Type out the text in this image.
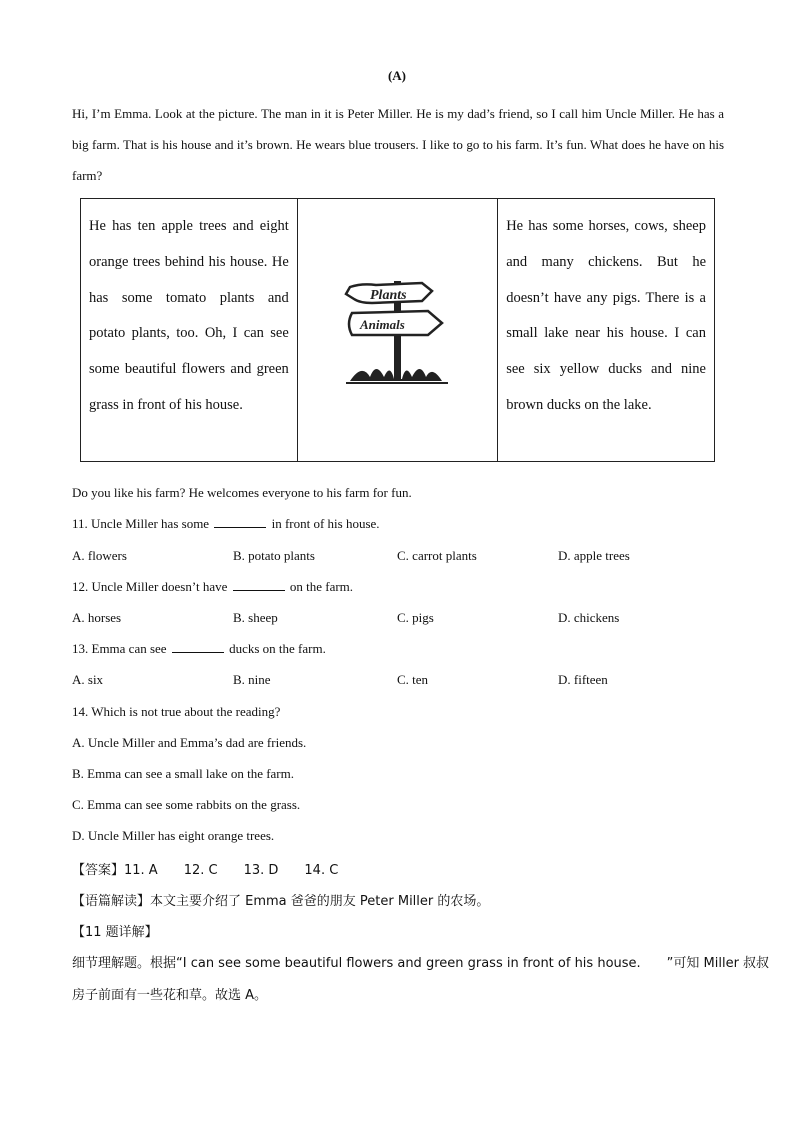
(A)
Hi, I’m Emma. Look at the picture. The man in it is Peter Miller. He is my dad’s friend, so I call him Uncle Miller. He has a big farm. That is his house and it’s brown. He wears blue trousers. I like to go to his farm. It’s fun. What does he have on his farm?
He has ten apple trees and eight orange trees behind his house. He has some tomato plants and potato plants, too. Oh, I can see some beautiful flowers and green grass in front of his house.

Plants
Animals

He has some horses, cows, sheep and many chickens. But he doesn’t have any pigs. There is a small lake near his house. I can see six yellow ducks and nine brown ducks on the lake.
Do you like his farm? He welcomes everyone to his farm for fun.
11. Uncle Miller has some	in front of his house.
A. flowers	B. potato plants	C. carrot plants	D. apple trees
12. Uncle Miller doesn’t have	on the farm.
A. horses	B. sheep	C. pigs	D. chickens
13. Emma can see	ducks on the farm.
A. six	B. nine	C. ten	D. fifteen
14. Which is not true about the reading?
A. Uncle Miller and Emma’s dad are friends.
B. Emma can see a small lake on the farm.
C. Emma can see some rabbits on the grass.
D. Uncle Miller has eight orange trees.
【答案】11. A　　12. C　　13. D　　14. C
【语篇解读】本文主要介绍了 Emma 爸爸的朋友 Peter Miller 的农场。
【11 题详解】
细节理解题。根据“I can see some beautiful flowers and green grass in front of his house.　　”可知 Miller 叔叔
房子前面有一些花和草。故选 A。
